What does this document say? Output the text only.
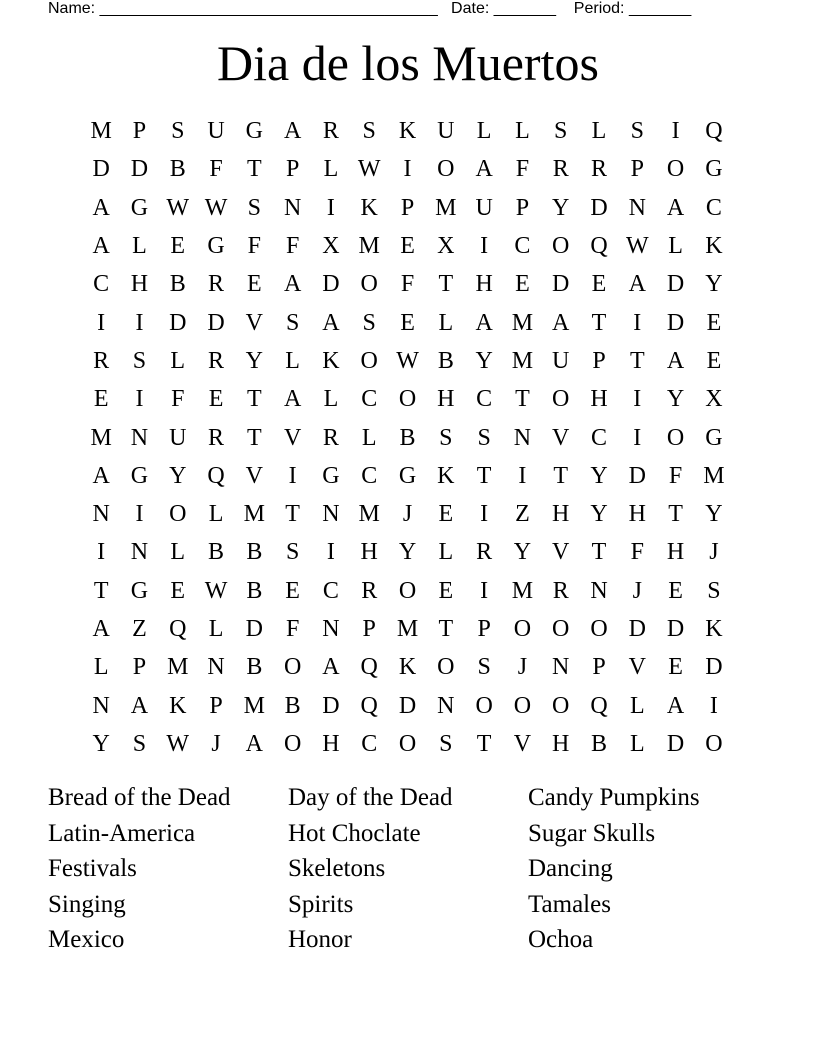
Name: ______________________________________   Date: _______    Period: _______
Dia de los Muertos
M P	S U G A R S K U L L	S	L	S	I	Q
D D B F	T	P	L W I	O A F R R P O G
A G W W S N	I	K P M U P Y D N A C
A L E G F	F X M E X	I	C O Q W L K
C H B R E A D O F	T H E D E A D Y
I	I	D D V S A S	E L A M A T	I	D E
R S	L R Y L K O W B Y M U P	T A E
E	I	F	E T A L C O H C T O H	I	Y X
M N U R T V R L B S	S N V C	I	O G
A G Y Q V	I	G C G K T	I	T Y D F M
N	I	O L M T N M J	E	I	Z H Y H T Y
I	N L B B S	I	H Y L R Y V T	F H	J
T G E W B E C R O E	I M R N	J	E	S
A Z Q L D F N P M T	P O O O D D K
L	P M N B O A Q K O S	J	N P V E D
N A K P M B D Q D N O O O Q L A	I
Y S W J	A O H C O S	T V H B L D O
Bread of the Dead	Day of the Dead	Candy Pumpkins
Latin-America	Hot Choclate	Sugar Skulls
Festivals	Skeletons	Dancing
Singing	Spirits	Tamales
Mexico	Honor	Ochoa
